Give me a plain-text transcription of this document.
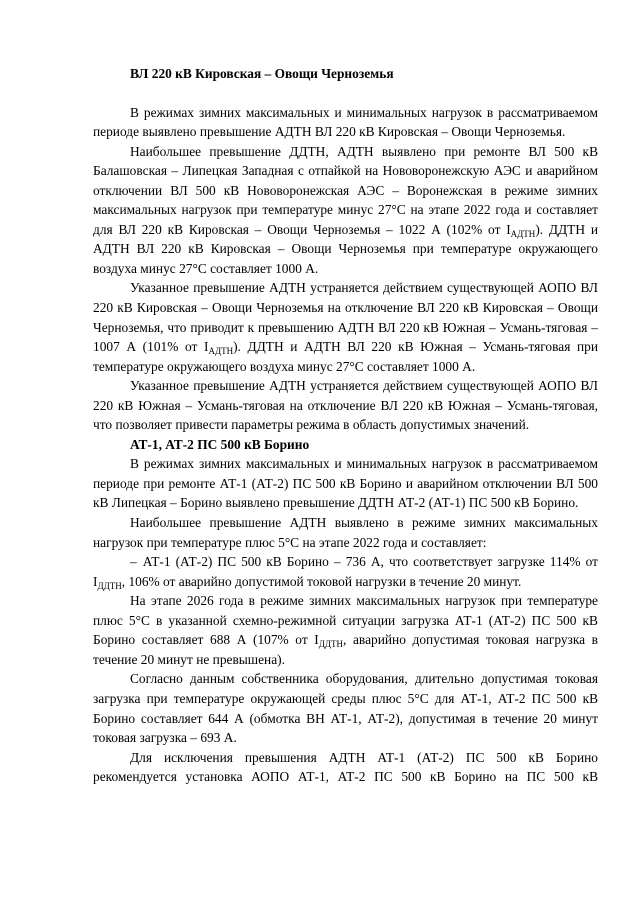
ВЛ 220 кВ Кировская – Овощи Черноземья

В режимах зимних максимальных и минимальных нагрузок в рассматриваемом периоде выявлено превышение АДТН ВЛ 220 кВ Кировская – Овощи Черноземья.

Наибольшее превышение ДДТН, АДТН выявлено при ремонте ВЛ 500 кВ Балашовская – Липецкая Западная с отпайкой на Нововоронежскую АЭС и аварийном отключении ВЛ 500 кВ Нововоронежская АЭС – Воронежская в режиме зимних максимальных нагрузок при температуре минус 27°С на этапе 2022 года и составляет для ВЛ 220 кВ Кировская – Овощи Черноземья – 1022 А (102% от $I_{АДТН}$). ДДТН и АДТН ВЛ 220 кВ Кировская – Овощи Черноземья при температуре окружающего воздуха минус 27°С составляет 1000 А.

Указанное превышение АДТН устраняется действием существующей АОПО ВЛ 220 кВ Кировская – Овощи Черноземья на отключение ВЛ 220 кВ Кировская – Овощи Черноземья, что приводит к превышению АДТН ВЛ 220 кВ Южная – Усмань-тяговая – 1007 А (101% от $I_{АДТН}$). ДДТН и АДТН ВЛ 220 кВ Южная – Усмань-тяговая при температуре окружающего воздуха минус 27°С составляет 1000 А.

Указанное превышение АДТН устраняется действием существующей АОПО ВЛ 220 кВ Южная – Усмань-тяговая на отключение ВЛ 220 кВ Южная – Усмань-тяговая, что позволяет привести параметры режима в область допустимых значений.

АТ-1, АТ-2 ПС 500 кВ Борино

В режимах зимних максимальных и минимальных нагрузок в рассматриваемом периоде при ремонте АТ-1 (АТ-2) ПС 500 кВ Борино и аварийном отключении ВЛ 500 кВ Липецкая – Борино выявлено превышение ДДТН АТ-2 (АТ-1) ПС 500 кВ Борино.

Наибольшее превышение АДТН выявлено в режиме зимних максимальных нагрузок при температуре плюс 5°С на этапе 2022 года и составляет:

– АТ-1 (АТ-2) ПС 500 кВ Борино – 736 А, что соответствует загрузке 114% от $I_{ДДТН}$, 106% от аварийно допустимой токовой нагрузки в течение 20 минут.

На этапе 2026 года в режиме зимних максимальных нагрузок при температуре плюс 5°С в указанной схемно-режимной ситуации загрузка АТ-1 (АТ-2) ПС 500 кВ Борино составляет 688 А (107% от $I_{ДДТН}$, аварийно допустимая токовая нагрузка в течение 20 минут не превышена).

Согласно данным собственника оборудования, длительно допустимая токовая загрузка при температуре окружающей среды плюс 5°С для АТ-1, АТ-2 ПС 500 кВ Борино составляет 644 А (обмотка ВН АТ-1, АТ-2), допустимая в течение 20 минут токовая загрузка – 693 А.

Для исключения превышения АДТН АТ-1 (АТ-2) ПС 500 кВ Борино рекомендуется установка АОПО АТ-1, АТ-2 ПС 500 кВ Борино на ПС 500 кВ
